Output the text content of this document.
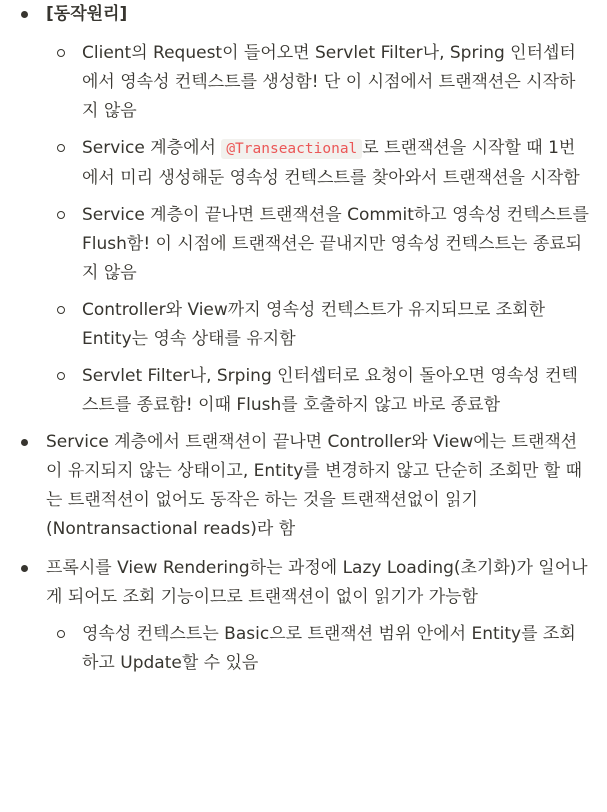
[동작원리]
Client의 Request이 들어오면 Servlet Filter나, Spring 인터셉터에서 영속성 컨텍스트를 생성함! 단 이 시점에서 트랜잭션은 시작하지 않음
Service 계층에서 @Transeactional 로 트랜잭션을 시작할 때 1번에서 미리 생성해둔 영속성 컨텍스트를 찾아와서 트랜잭션을 시작함
Service 계층이 끝나면 트랜잭션을 Commit하고 영속성 컨텍스트를 Flush함! 이 시점에 트랜잭션은 끝내지만 영속성 컨텍스트는 종료되지 않음
Controller와 View까지 영속성 컨텍스트가 유지되므로 조회한 Entity는 영속 상태를 유지함
Servlet Filter나, Srping 인터셉터로 요청이 돌아오면 영속성 컨텍스트를 종료함! 이때 Flush를 호출하지 않고 바로 종료함
Service 계층에서 트랜잭션이 끝나면 Controller와 View에는 트랜잭션이 유지되지 않는 상태이고, Entity를 변경하지 않고 단순히 조회만 할 때는 트랜적션이 없어도 동작은 하는 것을 트랜잭션없이 읽기(Nontransactional reads)라 함
프록시를 View Rendering하는 과정에 Lazy Loading(초기화)가 일어나게 되어도 조회 기능이므로 트랜잭션이 없이 읽기가 가능함
영속성 컨텍스트는 Basic으로 트랜잭션 범위 안에서 Entity를 조회하고 Update할 수 있음
